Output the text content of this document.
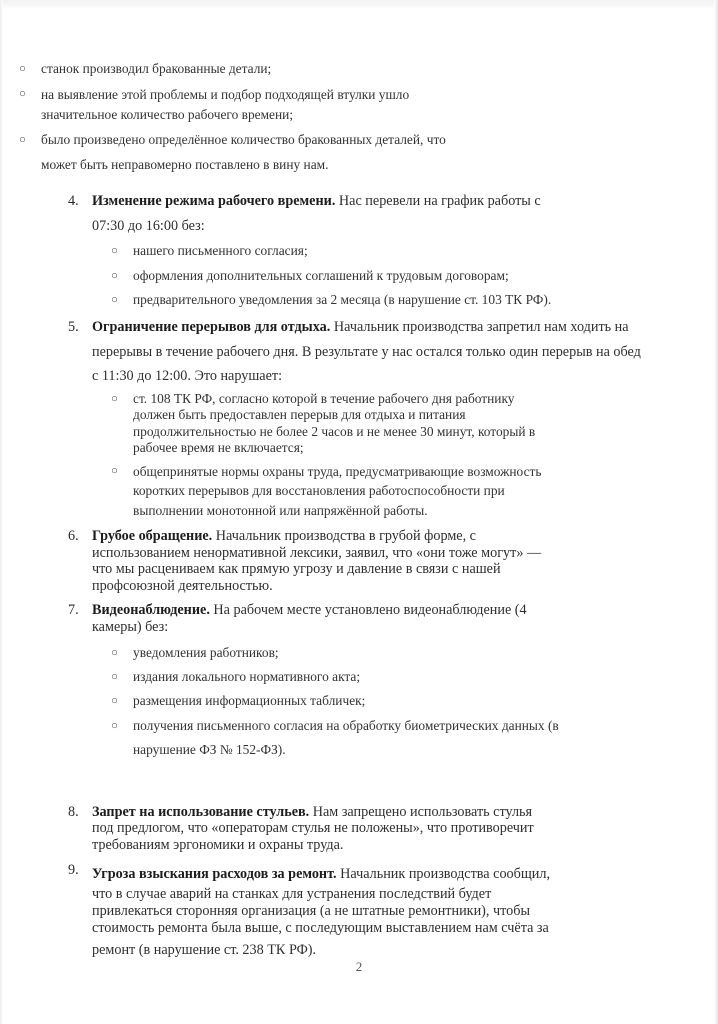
○ станок производил бракованные детали;
○ на выявление этой проблемы и подбор подходящей втулки ушло
значительное количество рабочего времени;
○ было произведено определённое количество бракованных деталей, что
может быть неправомерно поставлено в вину нам.
4. Изменение режима рабочего времени. Нас перевели на график работы с
07:30 до 16:00 без:
○ нашего письменного согласия;
○ оформления дополнительных соглашений к трудовым договорам;
○ предварительного уведомления за 2 месяца (в нарушение ст. 103 ТК РФ).
5. Ограничение перерывов для отдыха. Начальник производства запретил нам ходить на
перерывы в течение рабочего дня. В результате у нас остался только один перерыв на обед
с 11:30 до 12:00. Это нарушает:
○ ст. 108 ТК РФ, согласно которой в течение рабочего дня работнику
должен быть предоставлен перерыв для отдыха и питания
продолжительностью не более 2 часов и не менее 30 минут, который в
рабочее время не включается;
○ общепринятые нормы охраны труда, предусматривающие возможность
коротких перерывов для восстановления работоспособности при
выполнении монотонной или напряжённой работы.
6. Грубое обращение. Начальник производства в грубой форме, с
использованием ненормативной лексики, заявил, что «они тоже могут» —
что мы расцениваем как прямую угрозу и давление в связи с нашей
профсоюзной деятельностью.
7. Видеонаблюдение. На рабочем месте установлено видеонаблюдение (4
камеры) без:
○ уведомления работников;
○ издания локального нормативного акта;
○ размещения информационных табличек;
○ получения письменного согласия на обработку биометрических данных (в
нарушение ФЗ № 152-ФЗ).
8. Запрет на использование стульев. Нам запрещено использовать стулья
под предлогом, что «операторам стулья не положены», что противоречит
требованиям эргономики и охраны труда.
9. Угроза взыскания расходов за ремонт. Начальник производства сообщил,
что в случае аварий на станках для устранения последствий будет
привлекаться сторонняя организация (а не штатные ремонтники), чтобы
стоимость ремонта была выше, с последующим выставлением нам счёта за
ремонт (в нарушение ст. 238 ТК РФ).
2
